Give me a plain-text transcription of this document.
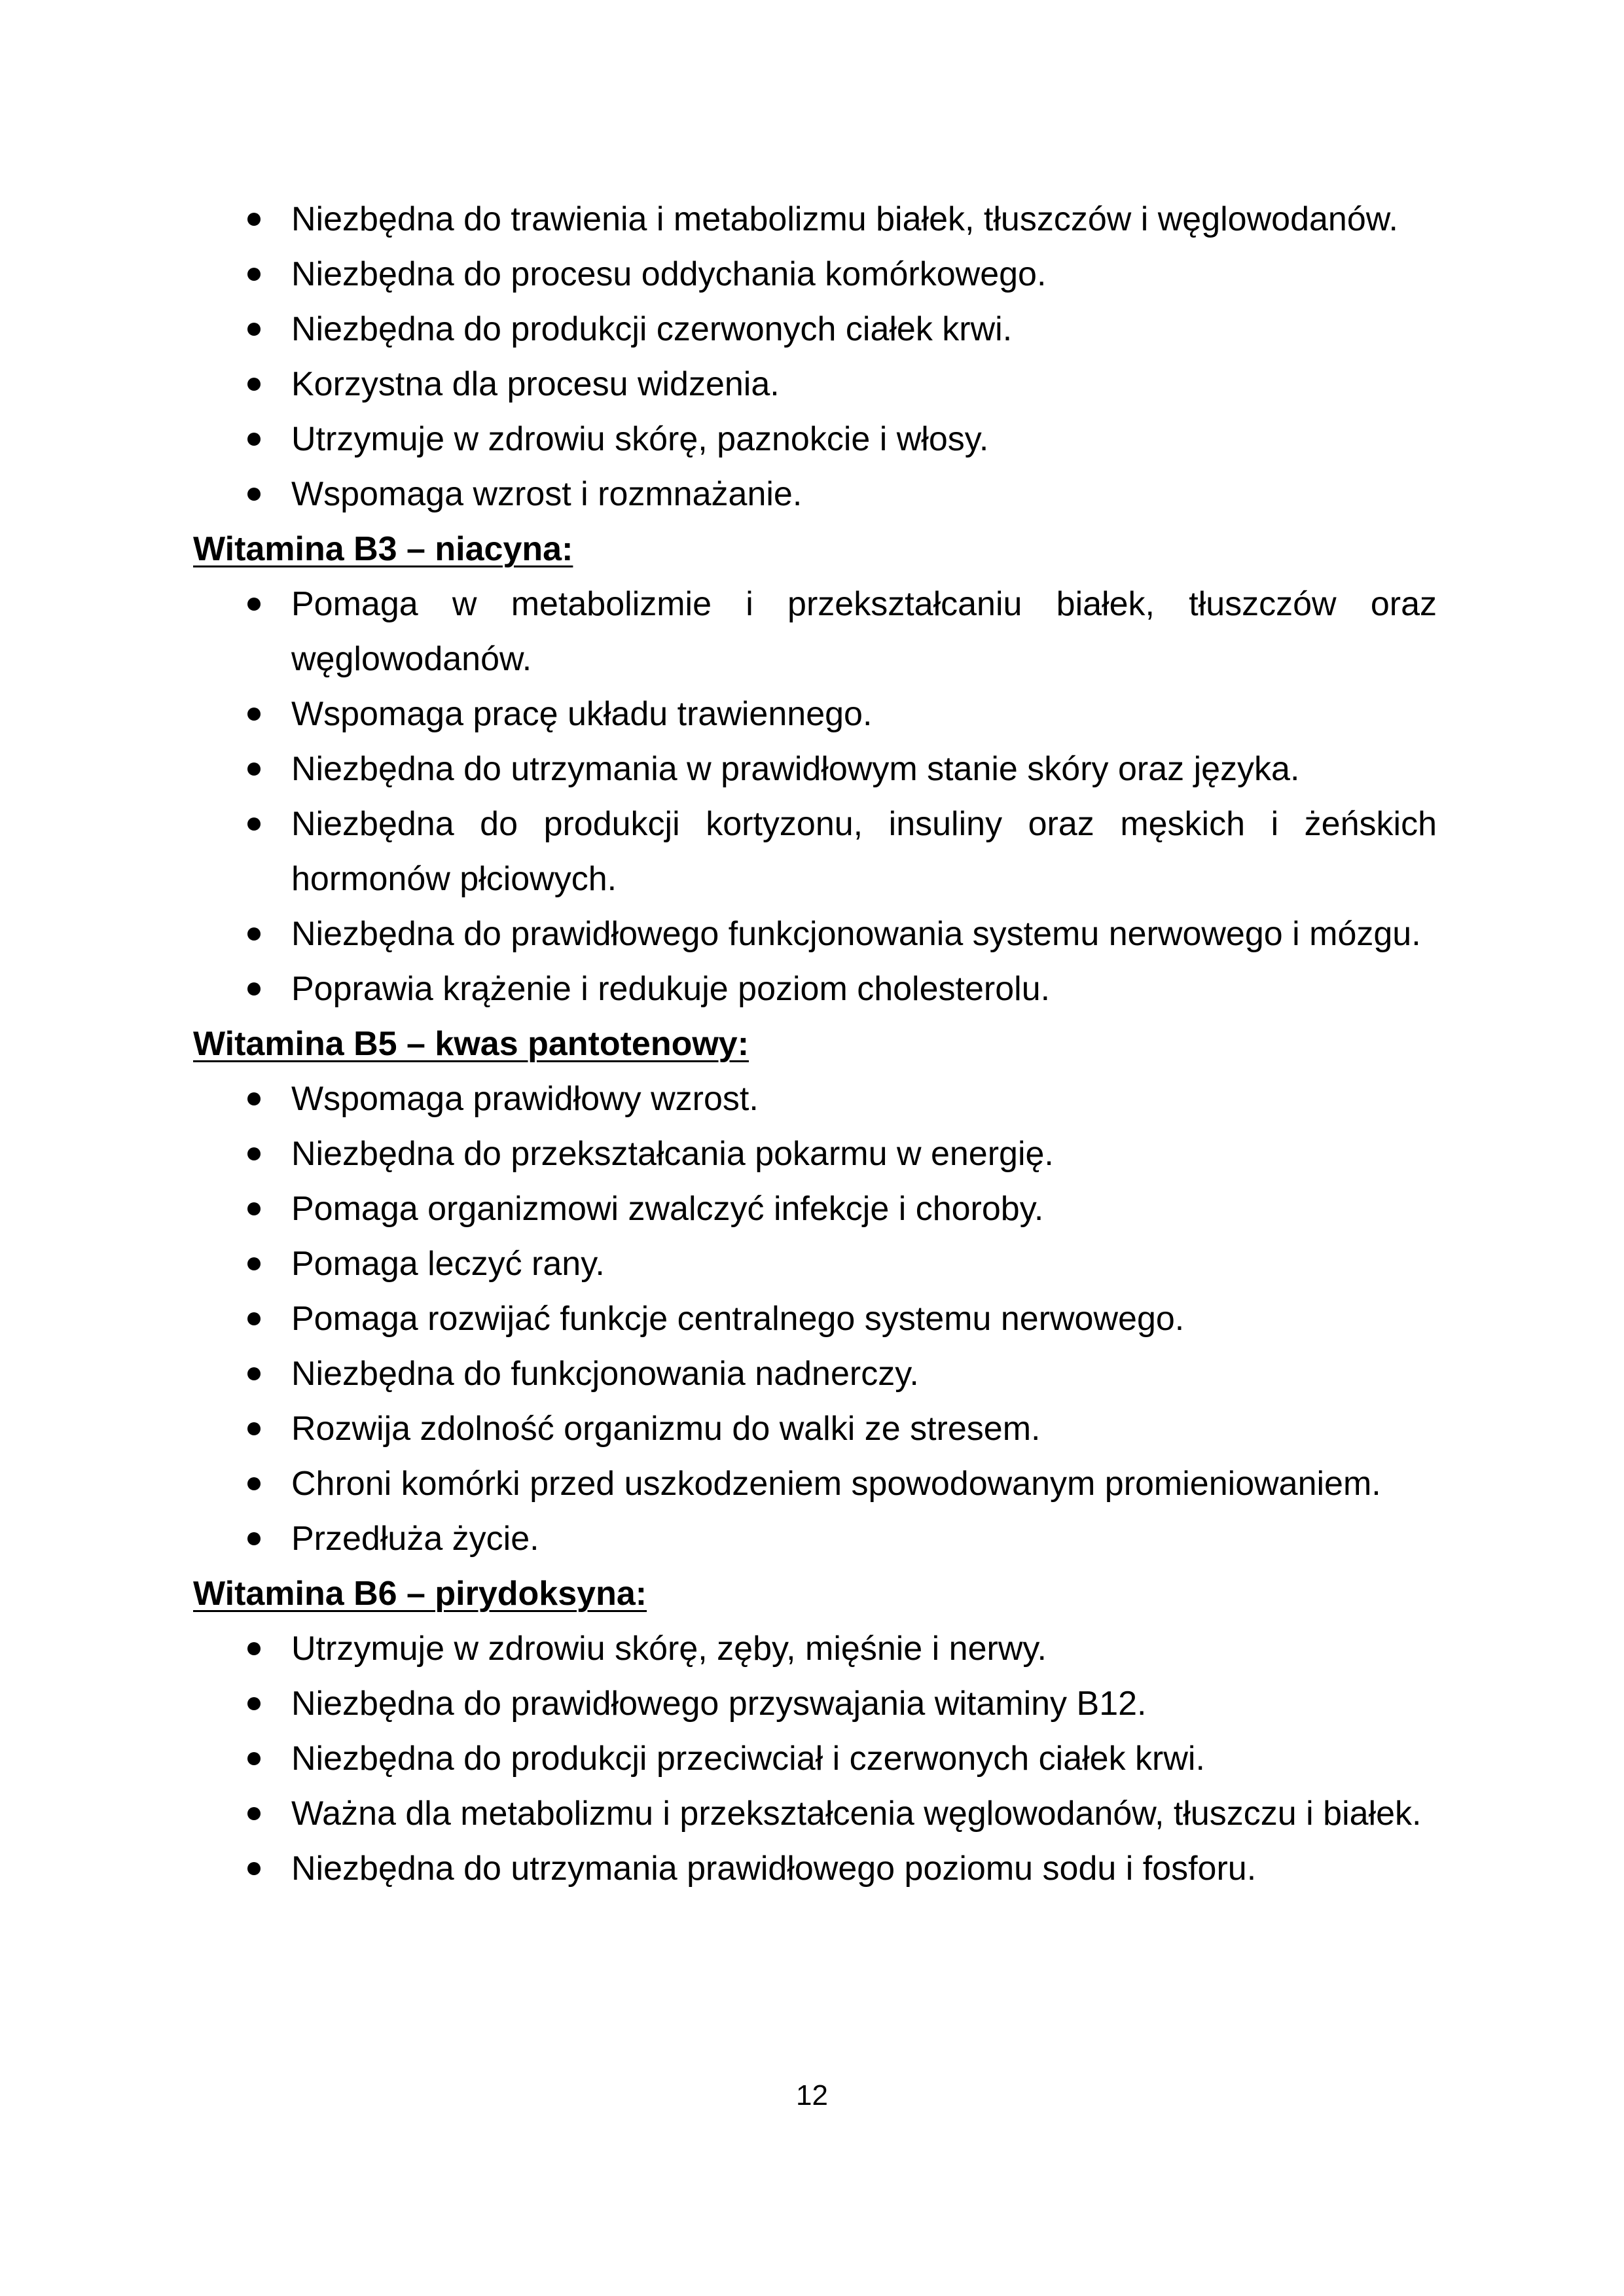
Niezbędna do trawienia i metabolizmu białek, tłuszczów i węglowodanów.
Niezbędna do procesu oddychania komórkowego.
Niezbędna do produkcji czerwonych ciałek krwi.
Korzystna dla procesu widzenia.
Utrzymuje w zdrowiu skórę, paznokcie i włosy.
Wspomaga wzrost i rozmnażanie.
Witamina B3 – niacyna:
Pomaga w metabolizmie i przekształcaniu białek, tłuszczów oraz węglowodanów.
Wspomaga pracę układu trawiennego.
Niezbędna do utrzymania w prawidłowym stanie skóry oraz języka.
Niezbędna do produkcji kortyzonu, insuliny oraz męskich i żeńskich hormonów płciowych.
Niezbędna do prawidłowego funkcjonowania systemu nerwowego i mózgu.
Poprawia krążenie i redukuje poziom cholesterolu.
Witamina B5 – kwas pantotenowy:
Wspomaga prawidłowy wzrost.
Niezbędna do przekształcania pokarmu w energię.
Pomaga organizmowi zwalczyć infekcje i choroby.
Pomaga leczyć rany.
Pomaga rozwijać funkcje centralnego systemu nerwowego.
Niezbędna do funkcjonowania nadnerczy.
Rozwija zdolność organizmu do walki ze stresem.
Chroni komórki przed uszkodzeniem spowodowanym promieniowaniem.
Przedłuża życie.
Witamina B6 – pirydoksyna:
Utrzymuje w zdrowiu skórę, zęby, mięśnie i nerwy.
Niezbędna do prawidłowego przyswajania witaminy B12.
Niezbędna do produkcji przeciwciał i czerwonych ciałek krwi.
Ważna dla metabolizmu i przekształcenia węglowodanów, tłuszczu i białek.
Niezbędna do utrzymania prawidłowego poziomu sodu i fosforu.
12
